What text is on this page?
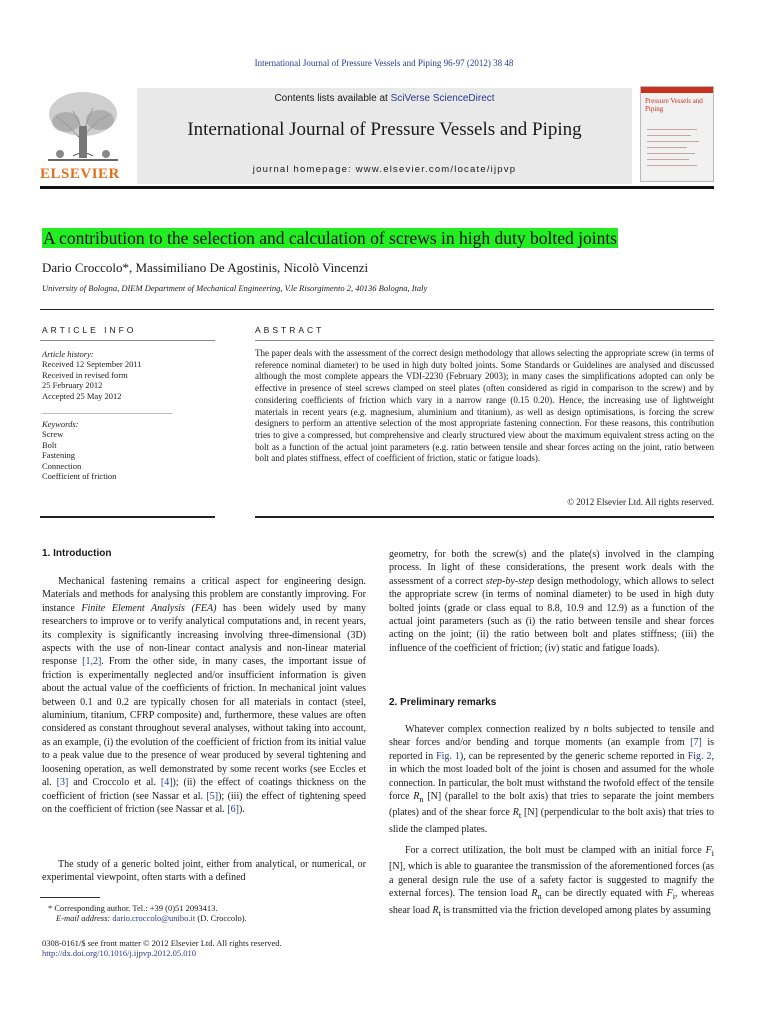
International Journal of Pressure Vessels and Piping 96-97 (2012) 38 48
ELSEVIER
Contents lists available at SciVerse ScienceDirect
International Journal of Pressure Vessels and Piping
journal homepage: www.elsevier.com/locate/ijpvp
Pressure Vessels and Piping
A contribution to the selection and calculation of screws in high duty bolted joints
Dario Croccolo*, Massimiliano De Agostinis, Nicolò Vincenzi
University of Bologna, DIEM Department of Mechanical Engineering, V.le Risorgimento 2, 40136 Bologna, Italy
ARTICLE INFO
Article history:
Received 12 September 2011
Received in revised form
25 February 2012
Accepted 25 May 2012
Keywords:
Screw
Bolt
Fastening
Connection
Coefficient of friction
ABSTRACT
The paper deals with the assessment of the correct design methodology that allows selecting the appropriate screw (in terms of reference nominal diameter) to be used in high duty bolted joints. Some Standards or Guidelines are analysed and discussed although the most complete appears the VDI-2230 (February 2003); in many cases the simplifications adopted can only be effective in presence of steel screws clamped on steel plates (often considered as rigid in comparison to the screw) and by considering coefficients of friction which vary in a narrow range (0.15 0.20). Hence, the increasing use of lightweight materials in recent years (e.g. magnesium, aluminium and titanium), as well as design optimisations, is forcing the screw designers to perform an attentive selection of the most appropriate fastening connection. For these reasons, this contribution tries to give a compressed, but comprehensive and clearly structured view about the maximum equivalent stress acting on the bolt as a function of the actual joint parameters (e.g. ratio between tensile and shear forces acting on the joint, ratio between bolt and plates stiffness, effect of coefficient of friction, static or fatigue loads).
© 2012 Elsevier Ltd. All rights reserved.
1. Introduction
Mechanical fastening remains a critical aspect for engineering design. Materials and methods for analysing this problem are constantly improving. For instance Finite Element Analysis (FEA) has been widely used by many researchers to improve or to verify analytical computations and, in recent years, its complexity is significantly increasing involving three-dimensional (3D) aspects with the use of non-linear contact analysis and non-linear material response [1,2]. From the other side, in many cases, the important issue of friction is experimentally neglected and/or insufficient information is given about the actual value of the coefficients of friction. In mechanical joint values between 0.1 and 0.2 are typically chosen for all materials in contact (steel, aluminium, titanium, CFRP composite) and, furthermore, these values are often considered as constant throughout several analyses, without taking into account, as an example, (i) the evolution of the coefficient of friction from its initial value to a peak value due to the presence of wear produced by several tightening and loosening operation, as well demonstrated by some recent works (see Eccles et al. [3] and Croccolo et al. [4]); (ii) the effect of coatings thickness on the coefficient of friction (see Nassar et al. [5]); (iii) the effect of tightening speed on the coefficient of friction (see Nassar et al. [6]).
The study of a generic bolted joint, either from analytical, or numerical, or experimental viewpoint, often starts with a defined
* Corresponding author. Tel.: +39 (0)51 2093413.
E-mail address: dario.croccolo@unibo.it (D. Croccolo).
0308-0161/$ see front matter © 2012 Elsevier Ltd. All rights reserved.
http://dx.doi.org/10.1016/j.ijpvp.2012.05.010
geometry, for both the screw(s) and the plate(s) involved in the clamping process. In light of these considerations, the present work deals with the assessment of a correct step-by-step design methodology, which allows to select the appropriate screw (in terms of nominal diameter) to be used in high duty bolted joints (grade or class equal to 8.8, 10.9 and 12.9) as a function of the actual joint parameters (such as (i) the ratio between tensile and shear forces acting on the joint; (ii) the ratio between bolt and plates stiffness; (iii) the influence of the coefficient of friction; (iv) static and fatigue loads).
2. Preliminary remarks
Whatever complex connection realized by n bolts subjected to tensile and shear forces and/or bending and torque moments (an example from [7] is reported in Fig. 1), can be represented by the generic scheme reported in Fig. 2, in which the most loaded bolt of the joint is chosen and assumed for the whole connection. In particular, the bolt must withstand the twofold effect of the tensile force $R_n$ [N] (parallel to the bolt axis) that tries to separate the joint members (plates) and of the shear force $R_t$ [N] (perpendicular to the bolt axis) that tries to slide the clamped plates.
For a correct utilization, the bolt must be clamped with an initial force $F_i$ [N], which is able to guarantee the transmission of the aforementioned forces (as a general design rule the use of a safety factor is suggested to magnify the external forces). The tension load $R_n$ can be directly equated with $F_i$, whereas shear load $R_t$ is transmitted via the friction developed among plates by assuming
